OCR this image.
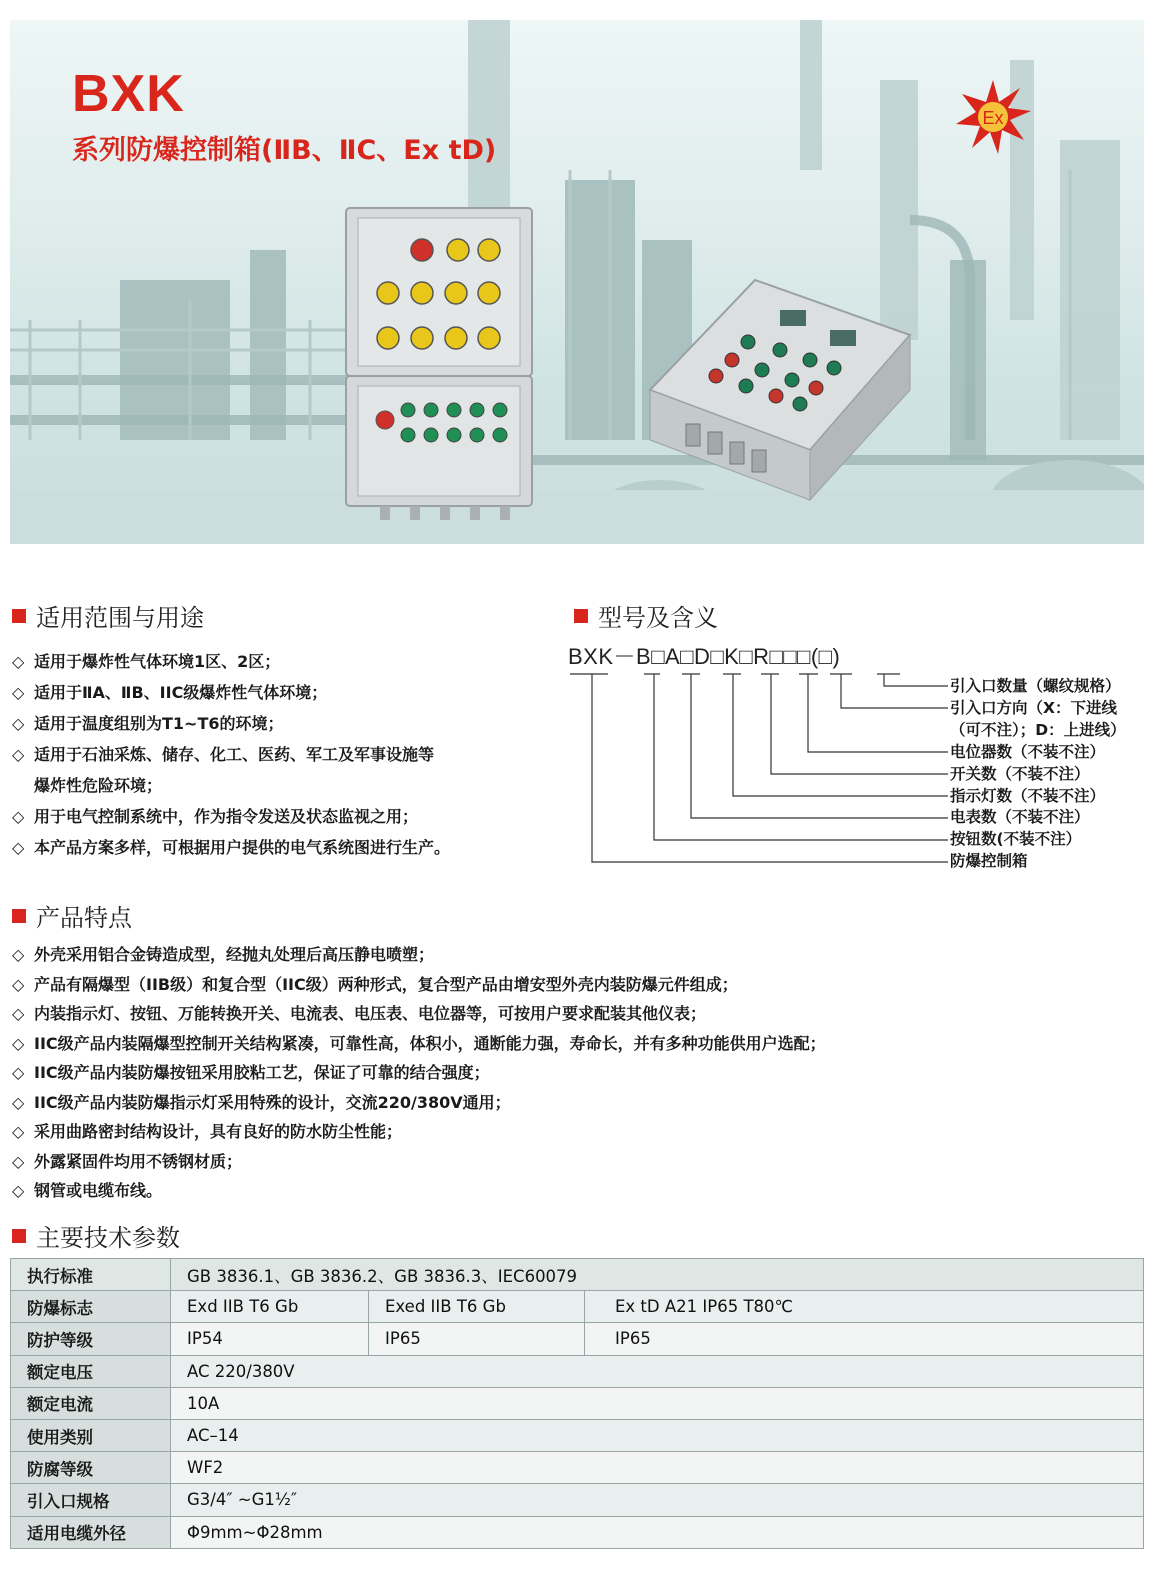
BXK
系列防爆控制箱(ⅡB、ⅡC、Ex tD)
Ex
适用范围与用途
◇ 适用于爆炸性气体环境1区、2区；
◇ 适用于ⅡA、ⅡB、IIC级爆炸性气体环境；
◇ 适用于温度组别为T1~T6的环境；
◇ 适用于石油采炼、储存、化工、医药、军工及军事设施等
爆炸性危险环境；
◇ 用于电气控制系统中，作为指令发送及状态监视之用；
◇ 本产品方案多样，可根据用户提供的电气系统图进行生产。
型号及含义
BXK－B□A□D□K□R□□□(□)
引入口数量（螺纹规格）
引入口方向（X：下进线
（可不注）；D：上进线）
电位器数（不装不注）
开关数（不装不注）
指示灯数（不装不注）
电表数（不装不注）
按钮数(不装不注）
防爆控制箱
产品特点
◇ 外壳采用铝合金铸造成型，经抛丸处理后高压静电喷塑；
◇ 产品有隔爆型（IIB级）和复合型（IIC级）两种形式，复合型产品由增安型外壳内装防爆元件组成；
◇ 内装指示灯、按钮、万能转换开关、电流表、电压表、电位器等，可按用户要求配装其他仪表；
◇ IIC级产品内装隔爆型控制开关结构紧凑，可靠性高，体积小，通断能力强，寿命长，并有多种功能供用户选配；
◇ IIC级产品内装防爆按钮采用胶粘工艺，保证了可靠的结合强度；
◇ IIC级产品内装防爆指示灯采用特殊的设计，交流220/380V通用；
◇ 采用曲路密封结构设计，具有良好的防水防尘性能；
◇ 外露紧固件均用不锈钢材质；
◇ 钢管或电缆布线。
主要技术参数
执行标准	GB 3836.1、GB 3836.2、GB 3836.3、IEC60079		
防爆标志	Exd IIB T6 Gb	Exed IIB T6 Gb	Ex tD A21 IP65 T80℃
防护等级	IP54	IP65	IP65
额定电压	AC 220/380V		
额定电流	10A		
使用类别	AC–14		
防腐等级	WF2		
引入口规格	G3/4″ ~G1½″		
适用电缆外径	Φ9mm~Φ28mm		
